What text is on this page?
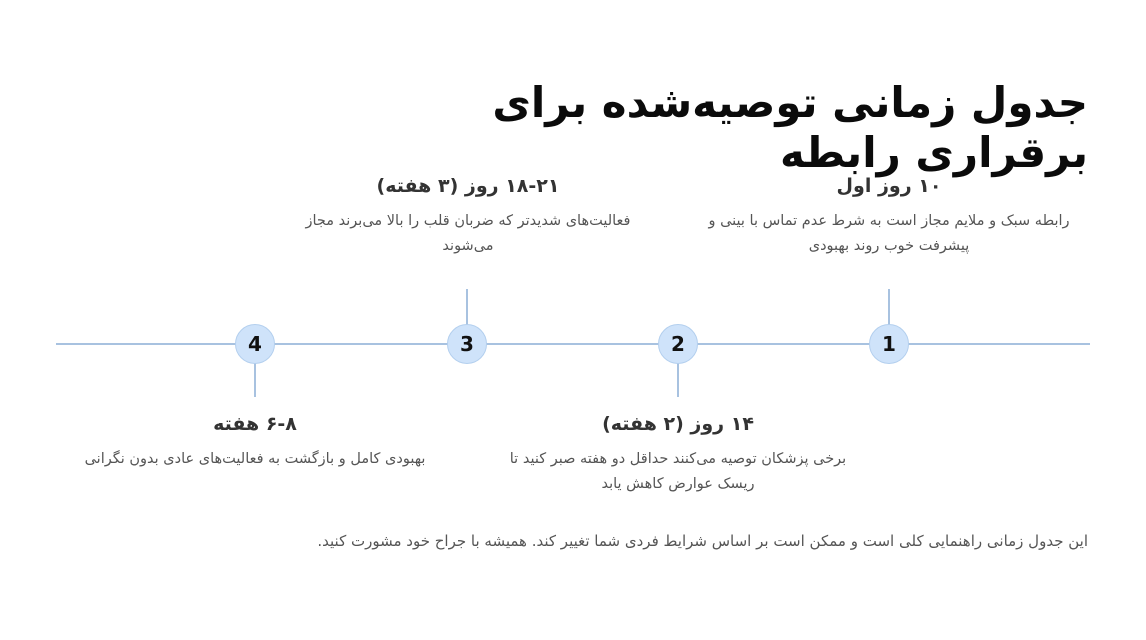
جدول زمانی توصیه‌شده برای برقراری رابطه
۱۰ روز اول
رابطه سبک و ملایم مجاز است به شرط عدم تماس با بینی و پیشرفت خوب روند بهبودی
1
۱۴ روز (۲ هفته)
برخی پزشکان توصیه می‌کنند حداقل دو هفته صبر کنید تا ریسک عوارض کاهش یابد
2
۱۸-۲۱ روز (۳ هفته)
فعالیت‌های شدیدتر که ضربان قلب را بالا می‌برند مجاز می‌شوند
3
۶-۸ هفته
بهبودی کامل و بازگشت به فعالیت‌های عادی بدون نگرانی
4
این جدول زمانی راهنمایی کلی است و ممکن است بر اساس شرایط فردی شما تغییر کند. همیشه با جراح خود مشورت کنید.
